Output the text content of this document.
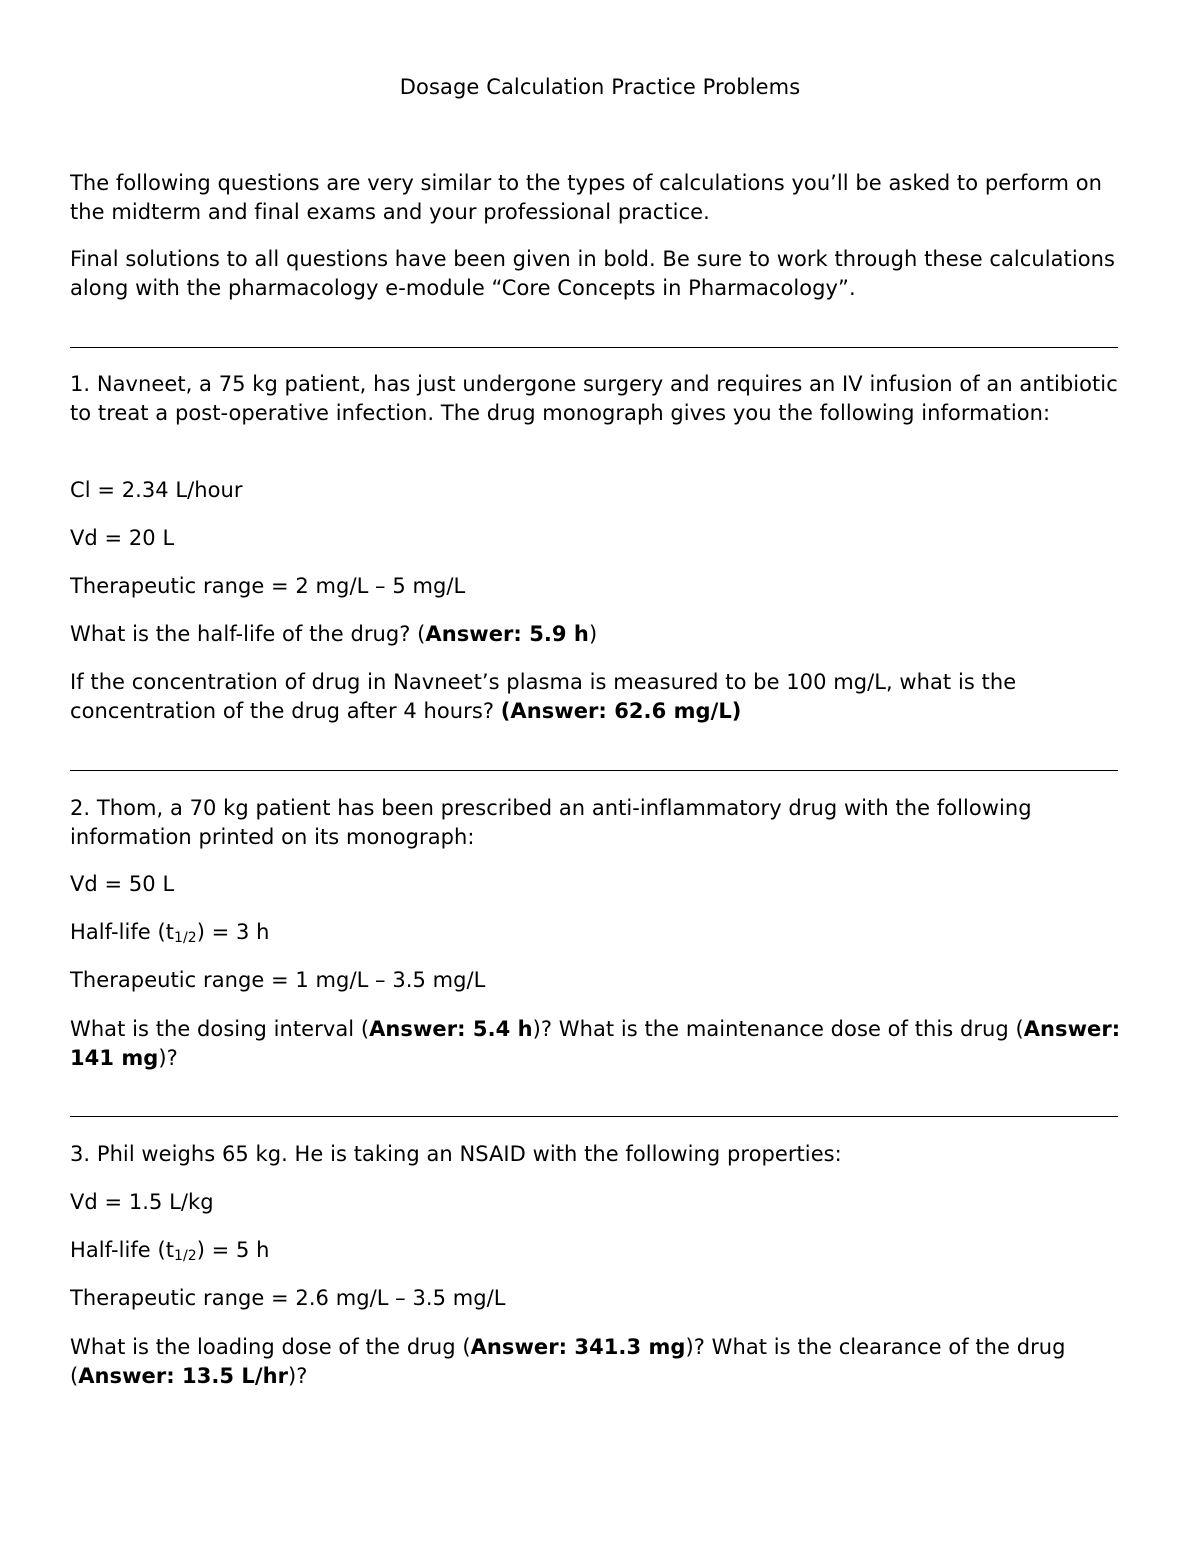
Dosage Calculation Practice Problems
The following questions are very similar to the types of calculations you’ll be asked to perform on the midterm and final exams and your professional practice.
Final solutions to all questions have been given in bold. Be sure to work through these calculations along with the pharmacology e-module “Core Concepts in Pharmacology”.
1. Navneet, a 75 kg patient, has just undergone surgery and requires an IV infusion of an antibiotic to treat a post-operative infection. The drug monograph gives you the following information:
Cl = 2.34 L/hour
Vd = 20 L
Therapeutic range = 2 mg/L – 5 mg/L
What is the half-life of the drug? (Answer: 5.9 h)
If the concentration of drug in Navneet’s plasma is measured to be 100 mg/L, what is the concentration of the drug after 4 hours? (Answer: 62.6 mg/L)
2. Thom, a 70 kg patient has been prescribed an anti-inflammatory drug with the following information printed on its monograph:
Vd = 50 L
Half-life $(t_{1/2}) = 3$ h
Therapeutic range = 1 mg/L – 3.5 mg/L
What is the dosing interval (Answer: 5.4 h)? What is the maintenance dose of this drug (Answer: 141 mg)?
3. Phil weighs 65 kg. He is taking an NSAID with the following properties:
Vd = 1.5 L/kg
Half-life $(t_{1/2}) = 5$ h
Therapeutic range = 2.6 mg/L – 3.5 mg/L
What is the loading dose of the drug (Answer: 341.3 mg)? What is the clearance of the drug (Answer: 13.5 L/hr)?
